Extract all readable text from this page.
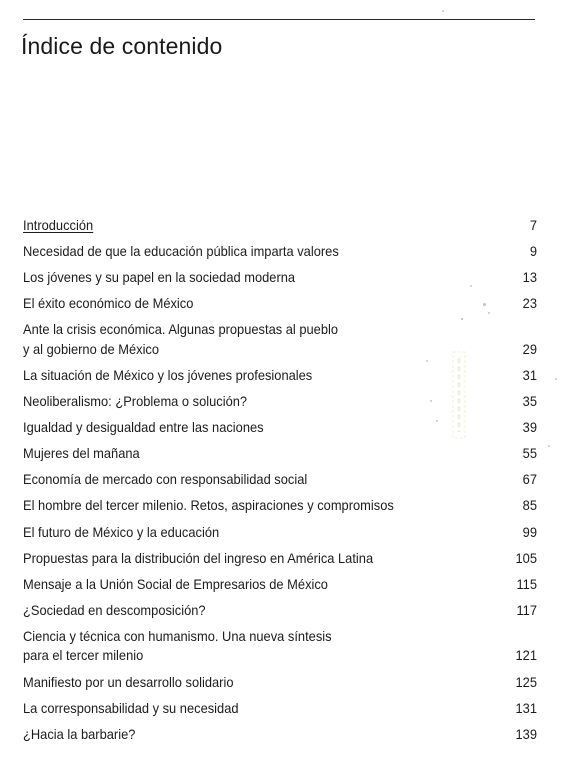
Índice de contenido
Introducción	7
Necesidad de que la educación pública imparta valores	9
Los jóvenes y su papel en la sociedad moderna	13
El éxito económico de México	23
Ante la crisis económica. Algunas propuestas al pueblo
y al gobierno de México	29
La situación de México y los jóvenes profesionales	31
Neoliberalismo: ¿Problema o solución?	35
Igualdad y desigualdad entre las naciones	39
Mujeres del mañana	55
Economía de mercado con responsabilidad social	67
El hombre del tercer milenio. Retos, aspiraciones y compromisos	85
El futuro de México y la educación	99
Propuestas para la distribución del ingreso en América Latina	105
Mensaje a la Unión Social de Empresarios de México	115
¿Sociedad en descomposición?	117
Ciencia y técnica con humanismo. Una nueva síntesis
para el tercer milenio	121
Manifiesto por un desarrollo solidario	125
La corresponsabilidad y su necesidad	131
¿Hacia la barbarie?	139
